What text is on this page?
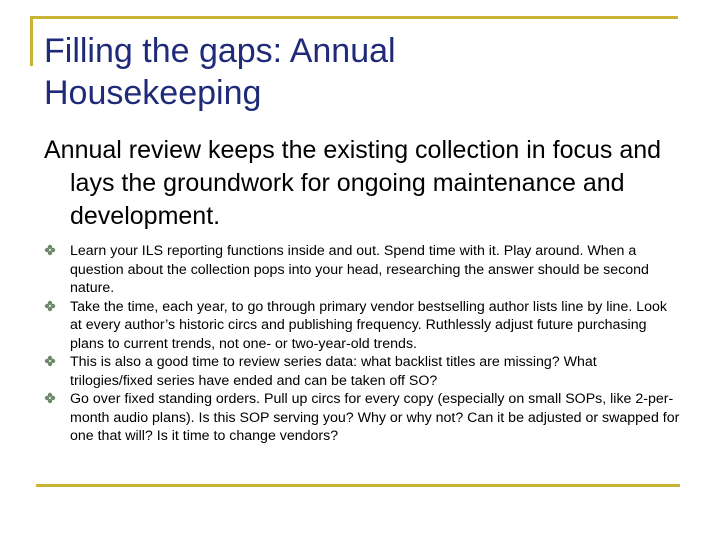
Filling the gaps: Annual
Housekeeping

Annual review keeps the existing collection in focus and lays the groundwork for ongoing maintenance and development.

Learn your ILS reporting functions inside and out. Spend time with it. Play around. When a question about the collection pops into your head, researching the answer should be second nature.
Take the time, each year, to go through primary vendor bestselling author lists line by line. Look at every author’s historic circs and publishing frequency. Ruthlessly adjust future purchasing plans to current trends, not one- or two-year-old trends.
This is also a good time to review series data: what backlist titles are missing? What trilogies/fixed series have ended and can be taken off SO?
Go over fixed standing orders. Pull up circs for every copy (especially on small SOPs, like 2-per-month audio plans). Is this SOP serving you? Why or why not? Can it be adjusted or swapped for one that will? Is it time to change vendors?
